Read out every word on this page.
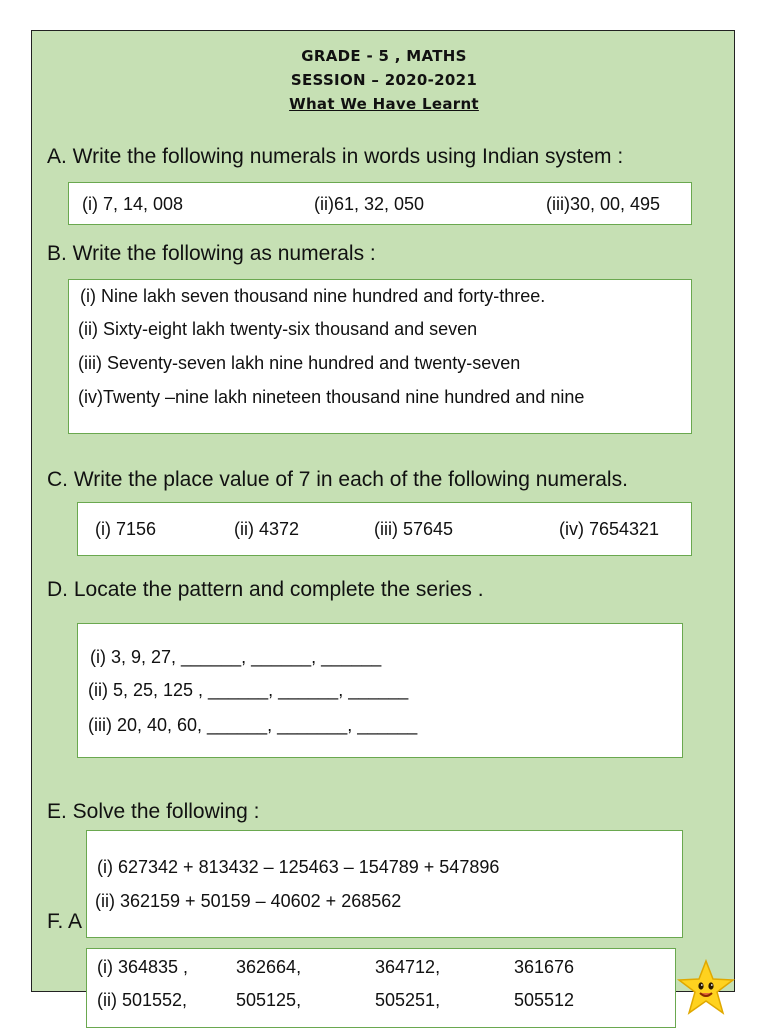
GRADE - 5 , MATHS
SESSION – 2020-2021
What We Have Learnt
A. Write the following numerals in words using Indian system :
(i) 7, 14, 008	(ii)61, 32, 050	(iii)30, 00, 495
B. Write the following as numerals :
(i) Nine lakh seven thousand nine hundred and forty-three.
(ii) Sixty-eight lakh twenty-six thousand and seven
(iii) Seventy-seven lakh nine hundred and twenty-seven
(iv)Twenty –nine lakh nineteen thousand nine hundred and nine
C. Write the place value of 7 in each of the following numerals.
(i) 7156	(ii) 4372	(iii) 57645	(iv) 7654321
D. Locate the pattern and complete the series .
(i) 3, 9, 27, ______, ______, ______
(ii) 5, 25, 125 , ______, ______, ______
(iii) 20, 40, 60, ______, _______, ______
F. A
E. Solve the following :
(i) 627342 + 813432 – 125463 – 154789 + 547896
(ii) 362159 + 50159 – 40602 + 268562
(i) 364835 ,	362664,	364712,	361676
(ii) 501552,	505125,	505251,	505512
